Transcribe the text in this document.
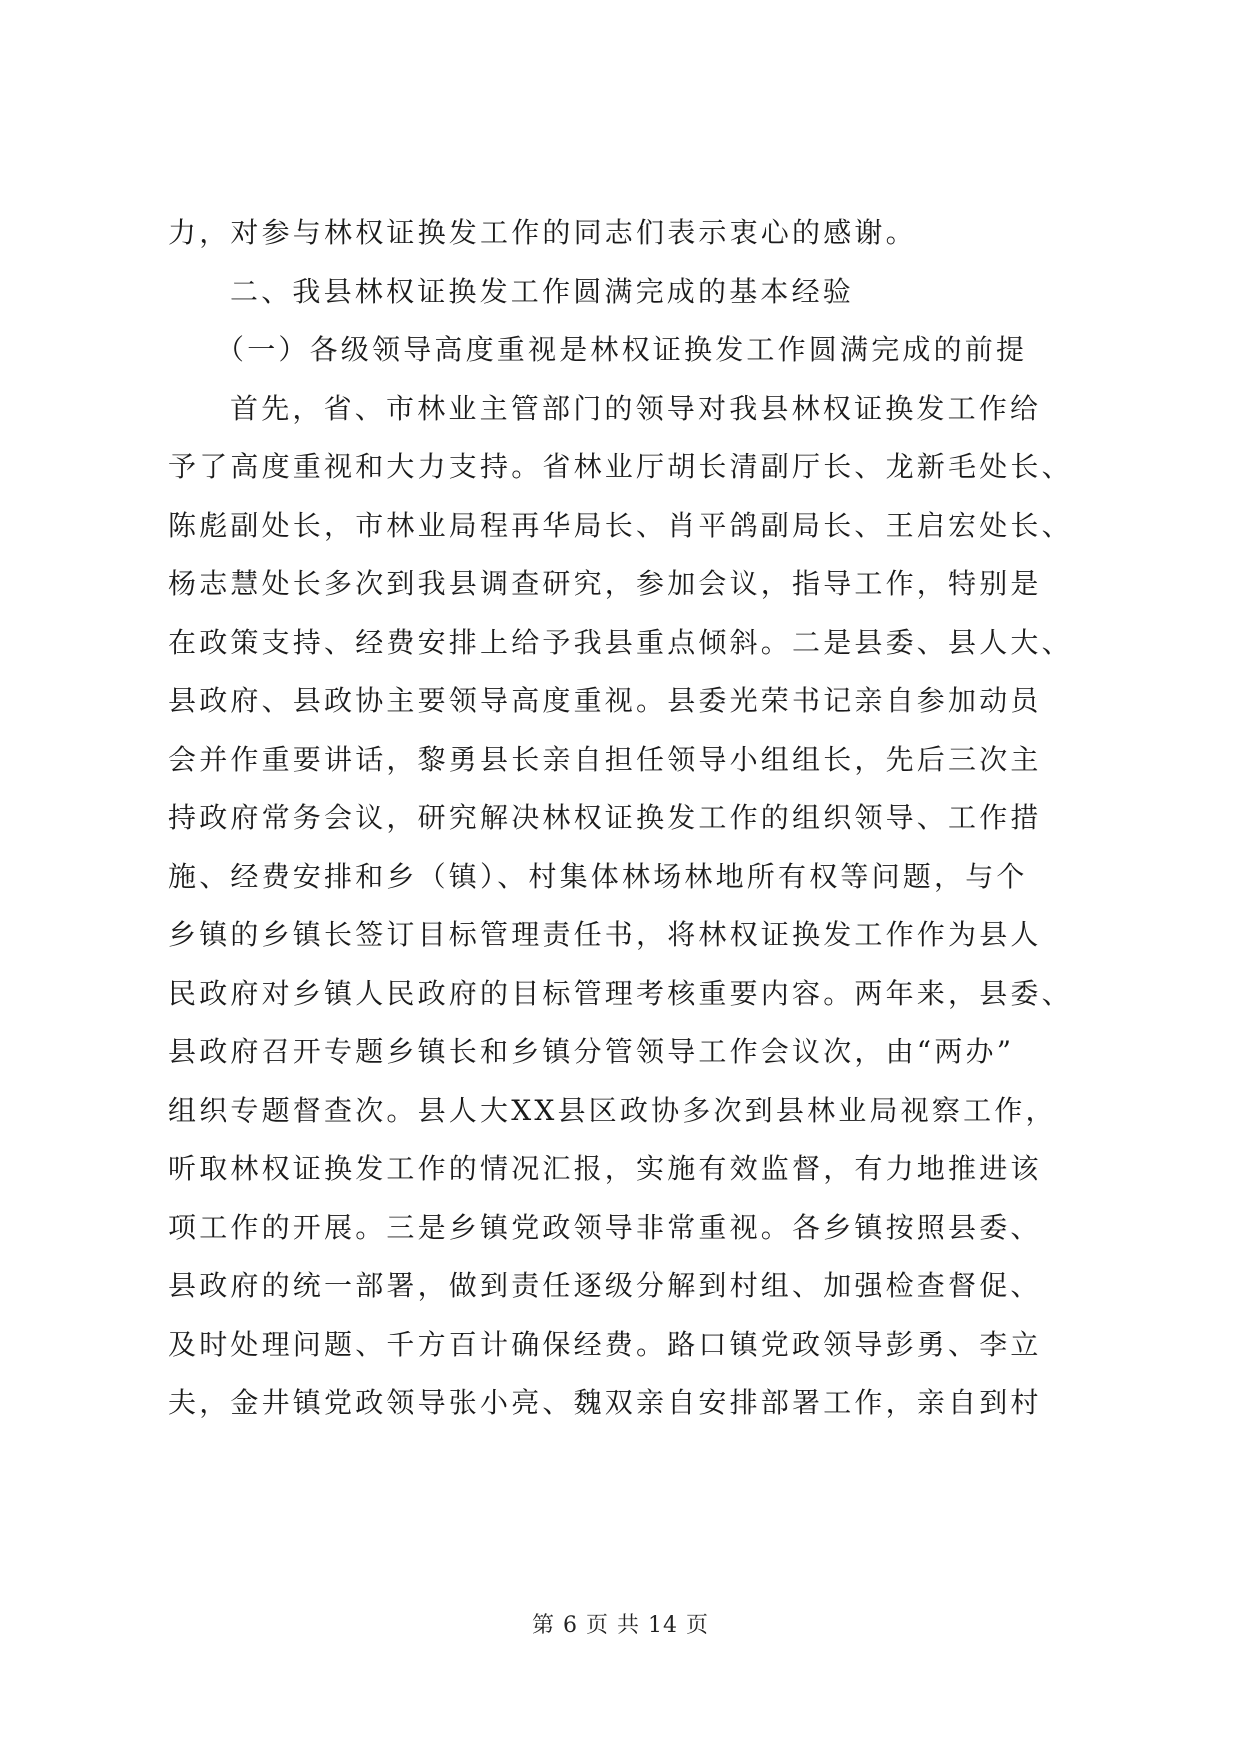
力，对参与林权证换发工作的同志们表示衷心的感谢。
二、我县林权证换发工作圆满完成的基本经验
（一）各级领导高度重视是林权证换发工作圆满完成的前提
首先，省、市林业主管部门的领导对我县林权证换发工作给
予了高度重视和大力支持。省林业厅胡长清副厅长、龙新毛处长、
陈彪副处长，市林业局程再华局长、肖平鸽副局长、王启宏处长、
杨志慧处长多次到我县调查研究，参加会议，指导工作，特别是
在政策支持、经费安排上给予我县重点倾斜。二是县委、县人大、
县政府、县政协主要领导高度重视。县委光荣书记亲自参加动员
会并作重要讲话，黎勇县长亲自担任领导小组组长，先后三次主
持政府常务会议，研究解决林权证换发工作的组织领导、工作措
施、经费安排和乡（镇）、村集体林场林地所有权等问题，与个
乡镇的乡镇长签订目标管理责任书，将林权证换发工作作为县人
民政府对乡镇人民政府的目标管理考核重要内容。两年来，县委、
县政府召开专题乡镇长和乡镇分管领导工作会议次，由“两办”
组织专题督查次。县人大XX县区政协多次到县林业局视察工作，
听取林权证换发工作的情况汇报，实施有效监督，有力地推进该
项工作的开展。三是乡镇党政领导非常重视。各乡镇按照县委、
县政府的统一部署，做到责任逐级分解到村组、加强检查督促、
及时处理问题、千方百计确保经费。路口镇党政领导彭勇、李立
夫，金井镇党政领导张小亮、魏双亲自安排部署工作，亲自到村
第 6 页 共 14 页
